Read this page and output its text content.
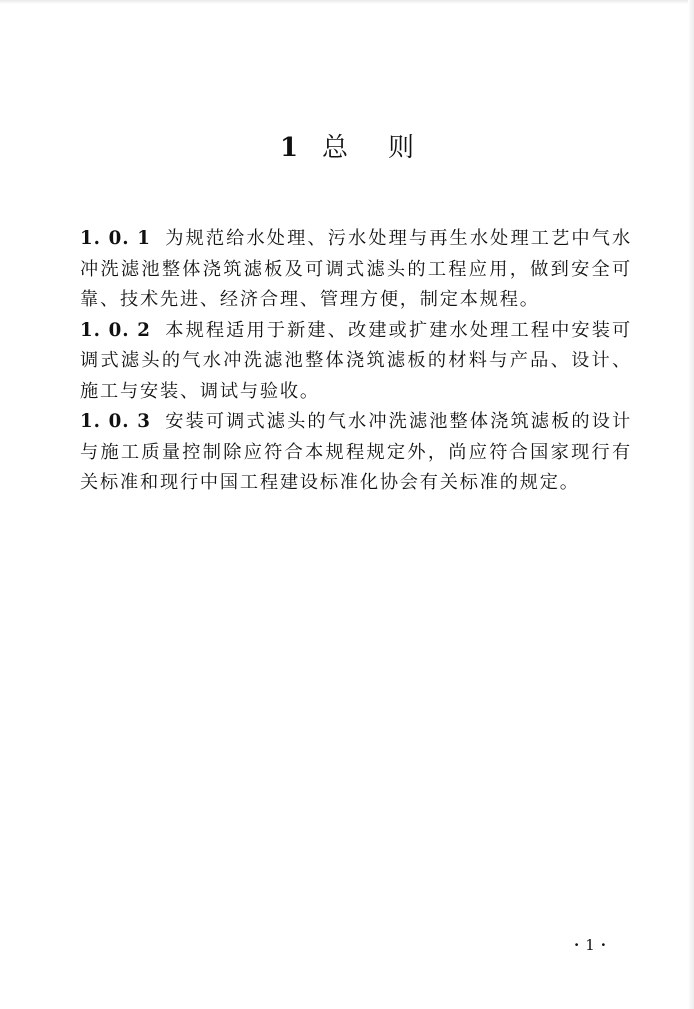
1 总则

1. 0. 1 为规范给水处理、污水处理与再生水处理工艺中气水冲洗滤池整体浇筑滤板及可调式滤头的工程应用，做到安全可靠、技术先进、经济合理、管理方便，制定本规程。

1. 0. 2 本规程适用于新建、改建或扩建水处理工程中安装可调式滤头的气水冲洗滤池整体浇筑滤板的材料与产品、设计、施工与安装、调试与验收。

1. 0. 3 安装可调式滤头的气水冲洗滤池整体浇筑滤板的设计与施工质量控制除应符合本规程规定外，尚应符合国家现行有关标准和现行中国工程建设标准化协会有关标准的规定。

· 1 ·
